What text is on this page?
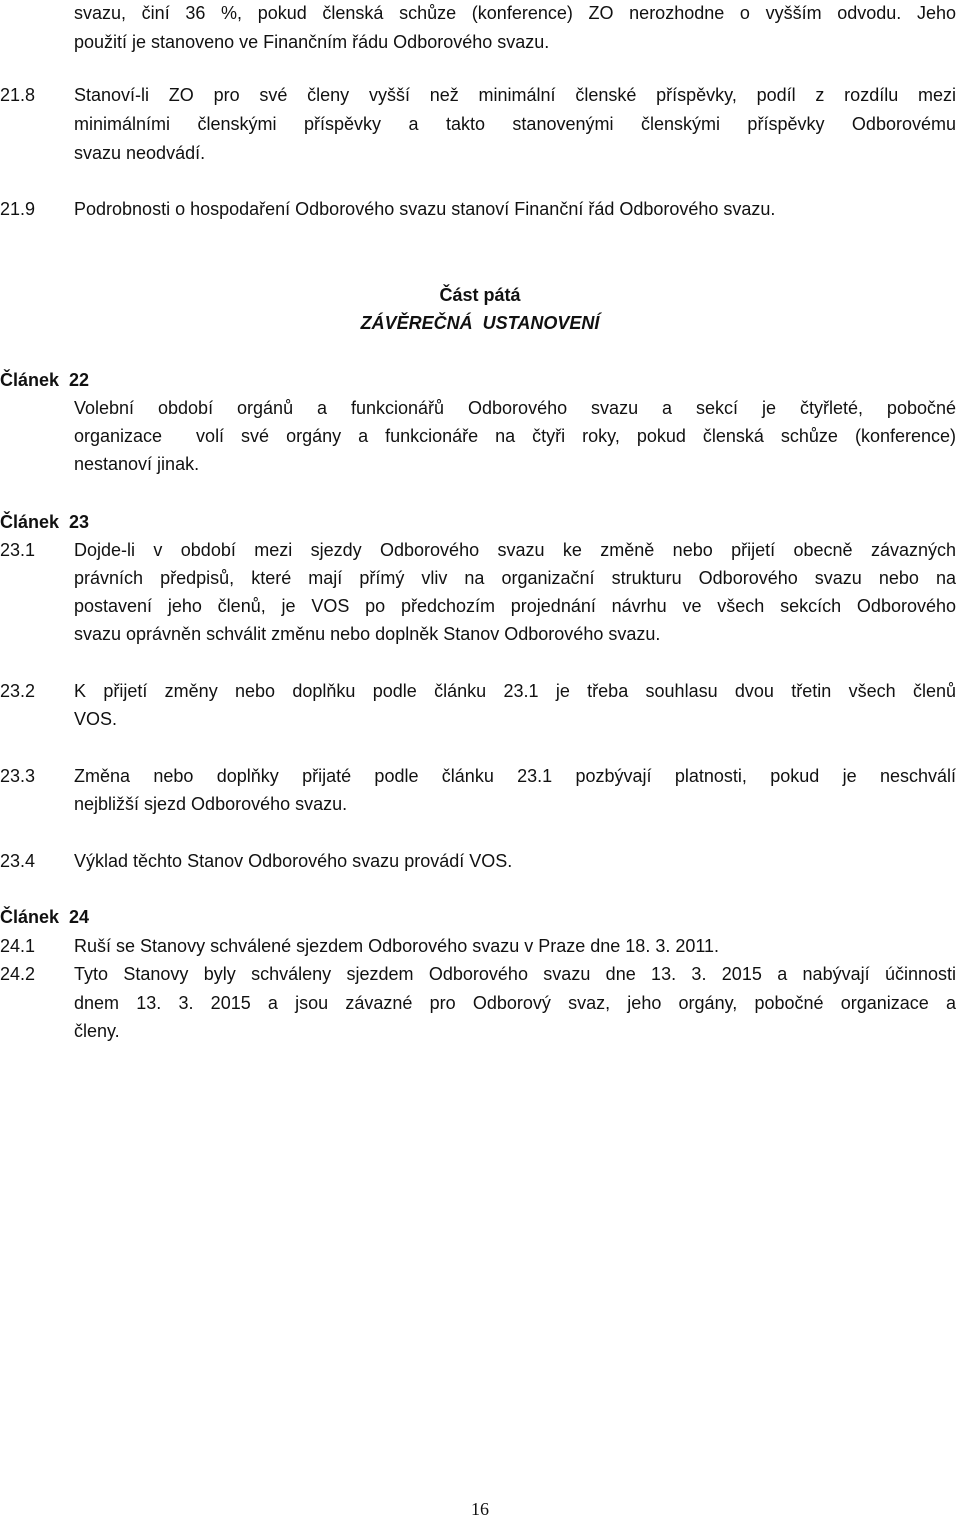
svazu, činí 36 %, pokud členská schůze (konference) ZO nerozhodne o vyšším odvodu. Jeho
použití je stanoveno ve Finančním řádu Odborového svazu.
21.8 Stanoví-li ZO pro své členy vyšší než minimální členské příspěvky, podíl z rozdílu mezi
minimálními členskými příspěvky a takto stanovenými členskými příspěvky Odborovému
svazu neodvádí.
21.9 Podrobnosti o hospodaření Odborového svazu stanoví Finanční řád Odborového svazu.
Část pátá
ZÁVĚREČNÁ  USTANOVENÍ
Článek  22
Volební období orgánů a funkcionářů Odborového svazu a sekcí je čtyřleté, pobočné
organizace  volí své orgány a funkcionáře na čtyři roky, pokud členská schůze (konference)
nestanoví jinak.
Článek  23
23.1 Dojde-li v období mezi sjezdy Odborového svazu ke změně nebo přijetí obecně závazných
právních předpisů, které mají přímý vliv na organizační strukturu Odborového svazu nebo na
postavení jeho členů, je VOS po předchozím projednání návrhu ve všech sekcích Odborového
svazu oprávněn schválit změnu nebo doplněk Stanov Odborového svazu.
23.2 K přijetí změny nebo doplňku podle článku 23.1 je třeba souhlasu dvou třetin všech členů
VOS.
23.3 Změna nebo doplňky přijaté podle článku 23.1 pozbývají platnosti, pokud je neschválí
nejbližší sjezd Odborového svazu.
23.4 Výklad těchto Stanov Odborového svazu provádí VOS.
Článek  24
24.1 Ruší se Stanovy schválené sjezdem Odborového svazu v Praze dne 18. 3. 2011.
24.2 Tyto Stanovy byly schváleny sjezdem Odborového svazu dne 13. 3. 2015 a nabývají účinnosti
dnem 13. 3. 2015 a jsou závazné pro Odborový svaz, jeho orgány, pobočné organizace a
členy.
16
